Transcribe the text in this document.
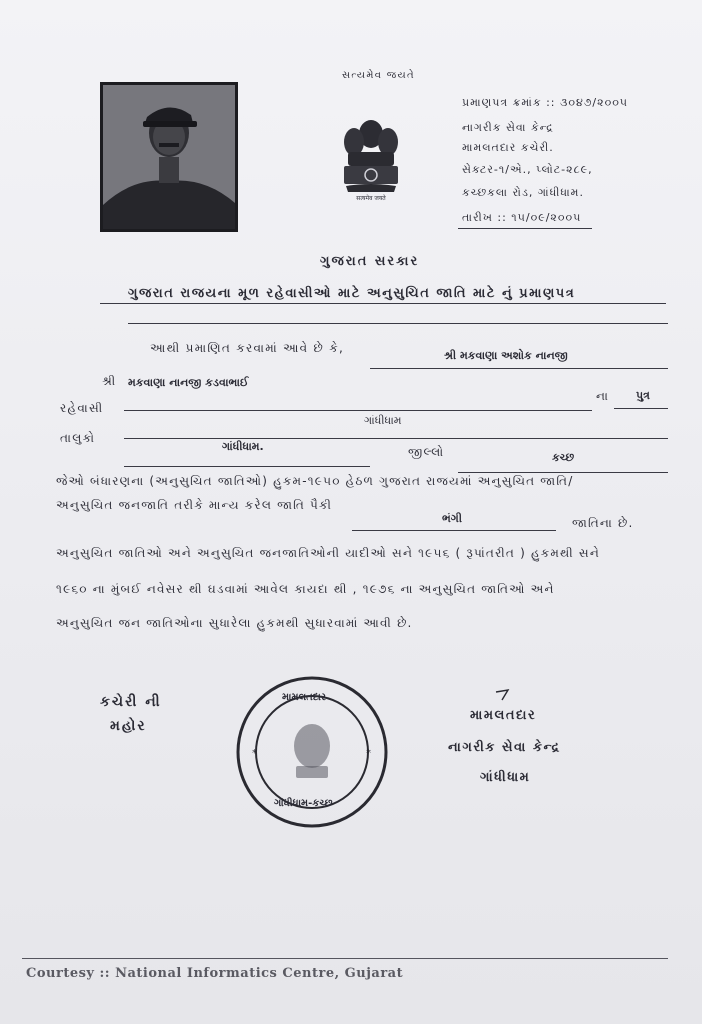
સત્યમેવ જયતે
सत्यमेव जयते
પ્રમાણપત્ર ક્રમાંક :: ૩૦૪૭/૨૦૦૫
નાગરીક સેવા કેન્દ્ર
મામલતદાર કચેરી.
સેક્ટર-૧/એ., પ્લોટ-૨૮૯,
કચ્છકલા રોડ, ગાંધીધામ.
તારીખ :: ૧૫/૦૯/૨૦૦૫
ગુજરાત સરકાર
ગુજરાત રાજયના મૂળ રહેવાસીઓ માટે અનુસુચિત જાતિ માટે નું પ્રમાણપત્ર
આથી પ્રમાણિત કરવામાં આવે છે કે,
શ્રી મકવાણા અશોક નાનજી
શ્રી મકવાણા નાનજી કડવાભાઈ
ના પુત્ર
રહેવાસી
ગાંધીધામ
તાલુકો
ગાંધીધામ.	જીલ્લો	કચ્છ
જેઓ બંધારણના (અનુસુચિત જાતિઓ) હુકમ-૧૯૫૦ હેઠળ ગુજરાત રાજયમાં અનુસુચિત જાતિ/
અનુસુચિત જનજાતિ તરીકે માન્ય કરેલ જાતિ પૈકી
ભંગી	જાતિના છે.
અનુસુચિત જાતિઓ અને અનુસુચિત જનજાતિઓની યાદીઓ સને ૧૯૫૬ ( રૂપાંતરીત ) હુકમથી સને
૧૯૬૦ ના મુંબઈ નવેસર થી ઘડવામાં આવેલ કાયદા થી , ૧૯૭૬ ના અનુસુચિત જાતિઓ અને
અનુસુચિત જન જાતિઓના સુધારેલા હુકમથી સુધારવામાં આવી છે.
કચેરી ની
મહોર
*	*
મામલતદાર
ગાંધીધામ-કચ્છ
મામલતદાર
નાગરીક સેવા કેન્દ્ર
ગાંધીધામ
Courtesy :: National Informatics Centre, Gujarat
